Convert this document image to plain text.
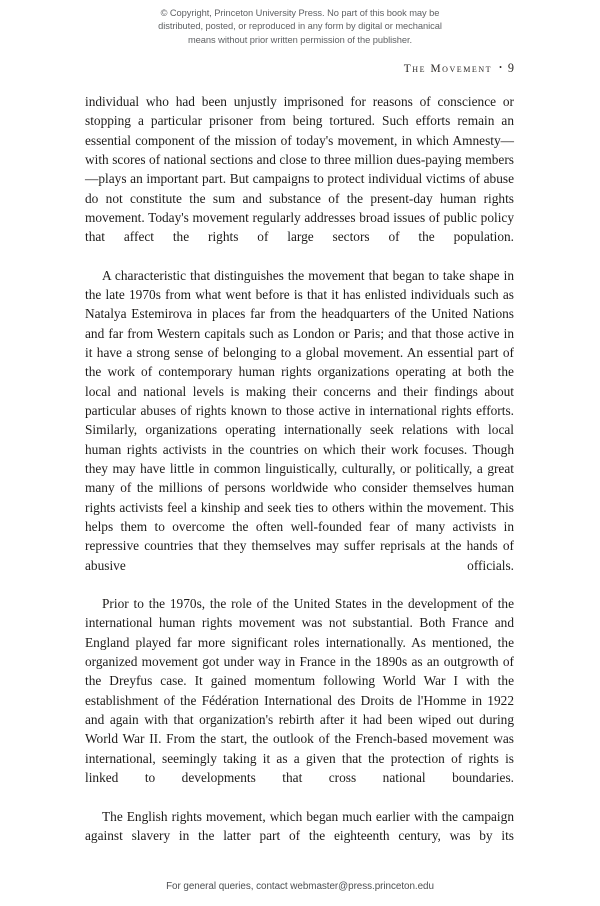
© Copyright, Princeton University Press. No part of this book may be
distributed, posted, or reproduced in any form by digital or mechanical
means without prior written permission of the publisher.
The Movement • 9

individual who had been unjustly imprisoned for reasons of conscience or stopping a particular prisoner from being tortured. Such efforts remain an essential component of the mission of today's movement, in which Amnesty—with scores of national sections and close to three million dues-paying members—plays an important part. But campaigns to protect individual victims of abuse do not constitute the sum and substance of the present-day human rights movement. Today's movement regularly addresses broad issues of public policy that affect the rights of large sectors of the population.

A characteristic that distinguishes the movement that began to take shape in the late 1970s from what went before is that it has enlisted individuals such as Natalya Estemirova in places far from the headquarters of the United Nations and far from Western capitals such as London or Paris; and that those active in it have a strong sense of belonging to a global movement. An essential part of the work of contemporary human rights organizations operating at both the local and national levels is making their concerns and their findings about particular abuses of rights known to those active in international rights efforts. Similarly, organizations operating internationally seek relations with local human rights activists in the countries on which their work focuses. Though they may have little in common linguistically, culturally, or politically, a great many of the millions of persons worldwide who consider themselves human rights activists feel a kinship and seek ties to others within the movement. This helps them to overcome the often well-founded fear of many activists in repressive countries that they themselves may suffer reprisals at the hands of abusive officials.

Prior to the 1970s, the role of the United States in the development of the international human rights movement was not substantial. Both France and England played far more significant roles internationally. As mentioned, the organized movement got under way in France in the 1890s as an outgrowth of the Dreyfus case. It gained momentum following World War I with the establishment of the Fédération International des Droits de l'Homme in 1922 and again with that organization's rebirth after it had been wiped out during World War II. From the start, the outlook of the French-based movement was international, seemingly taking it as a given that the protection of rights is linked to developments that cross national boundaries.

The English rights movement, which began much earlier with the campaign against slavery in the latter part of the eighteenth century, was by its

For general queries, contact webmaster@press.princeton.edu
